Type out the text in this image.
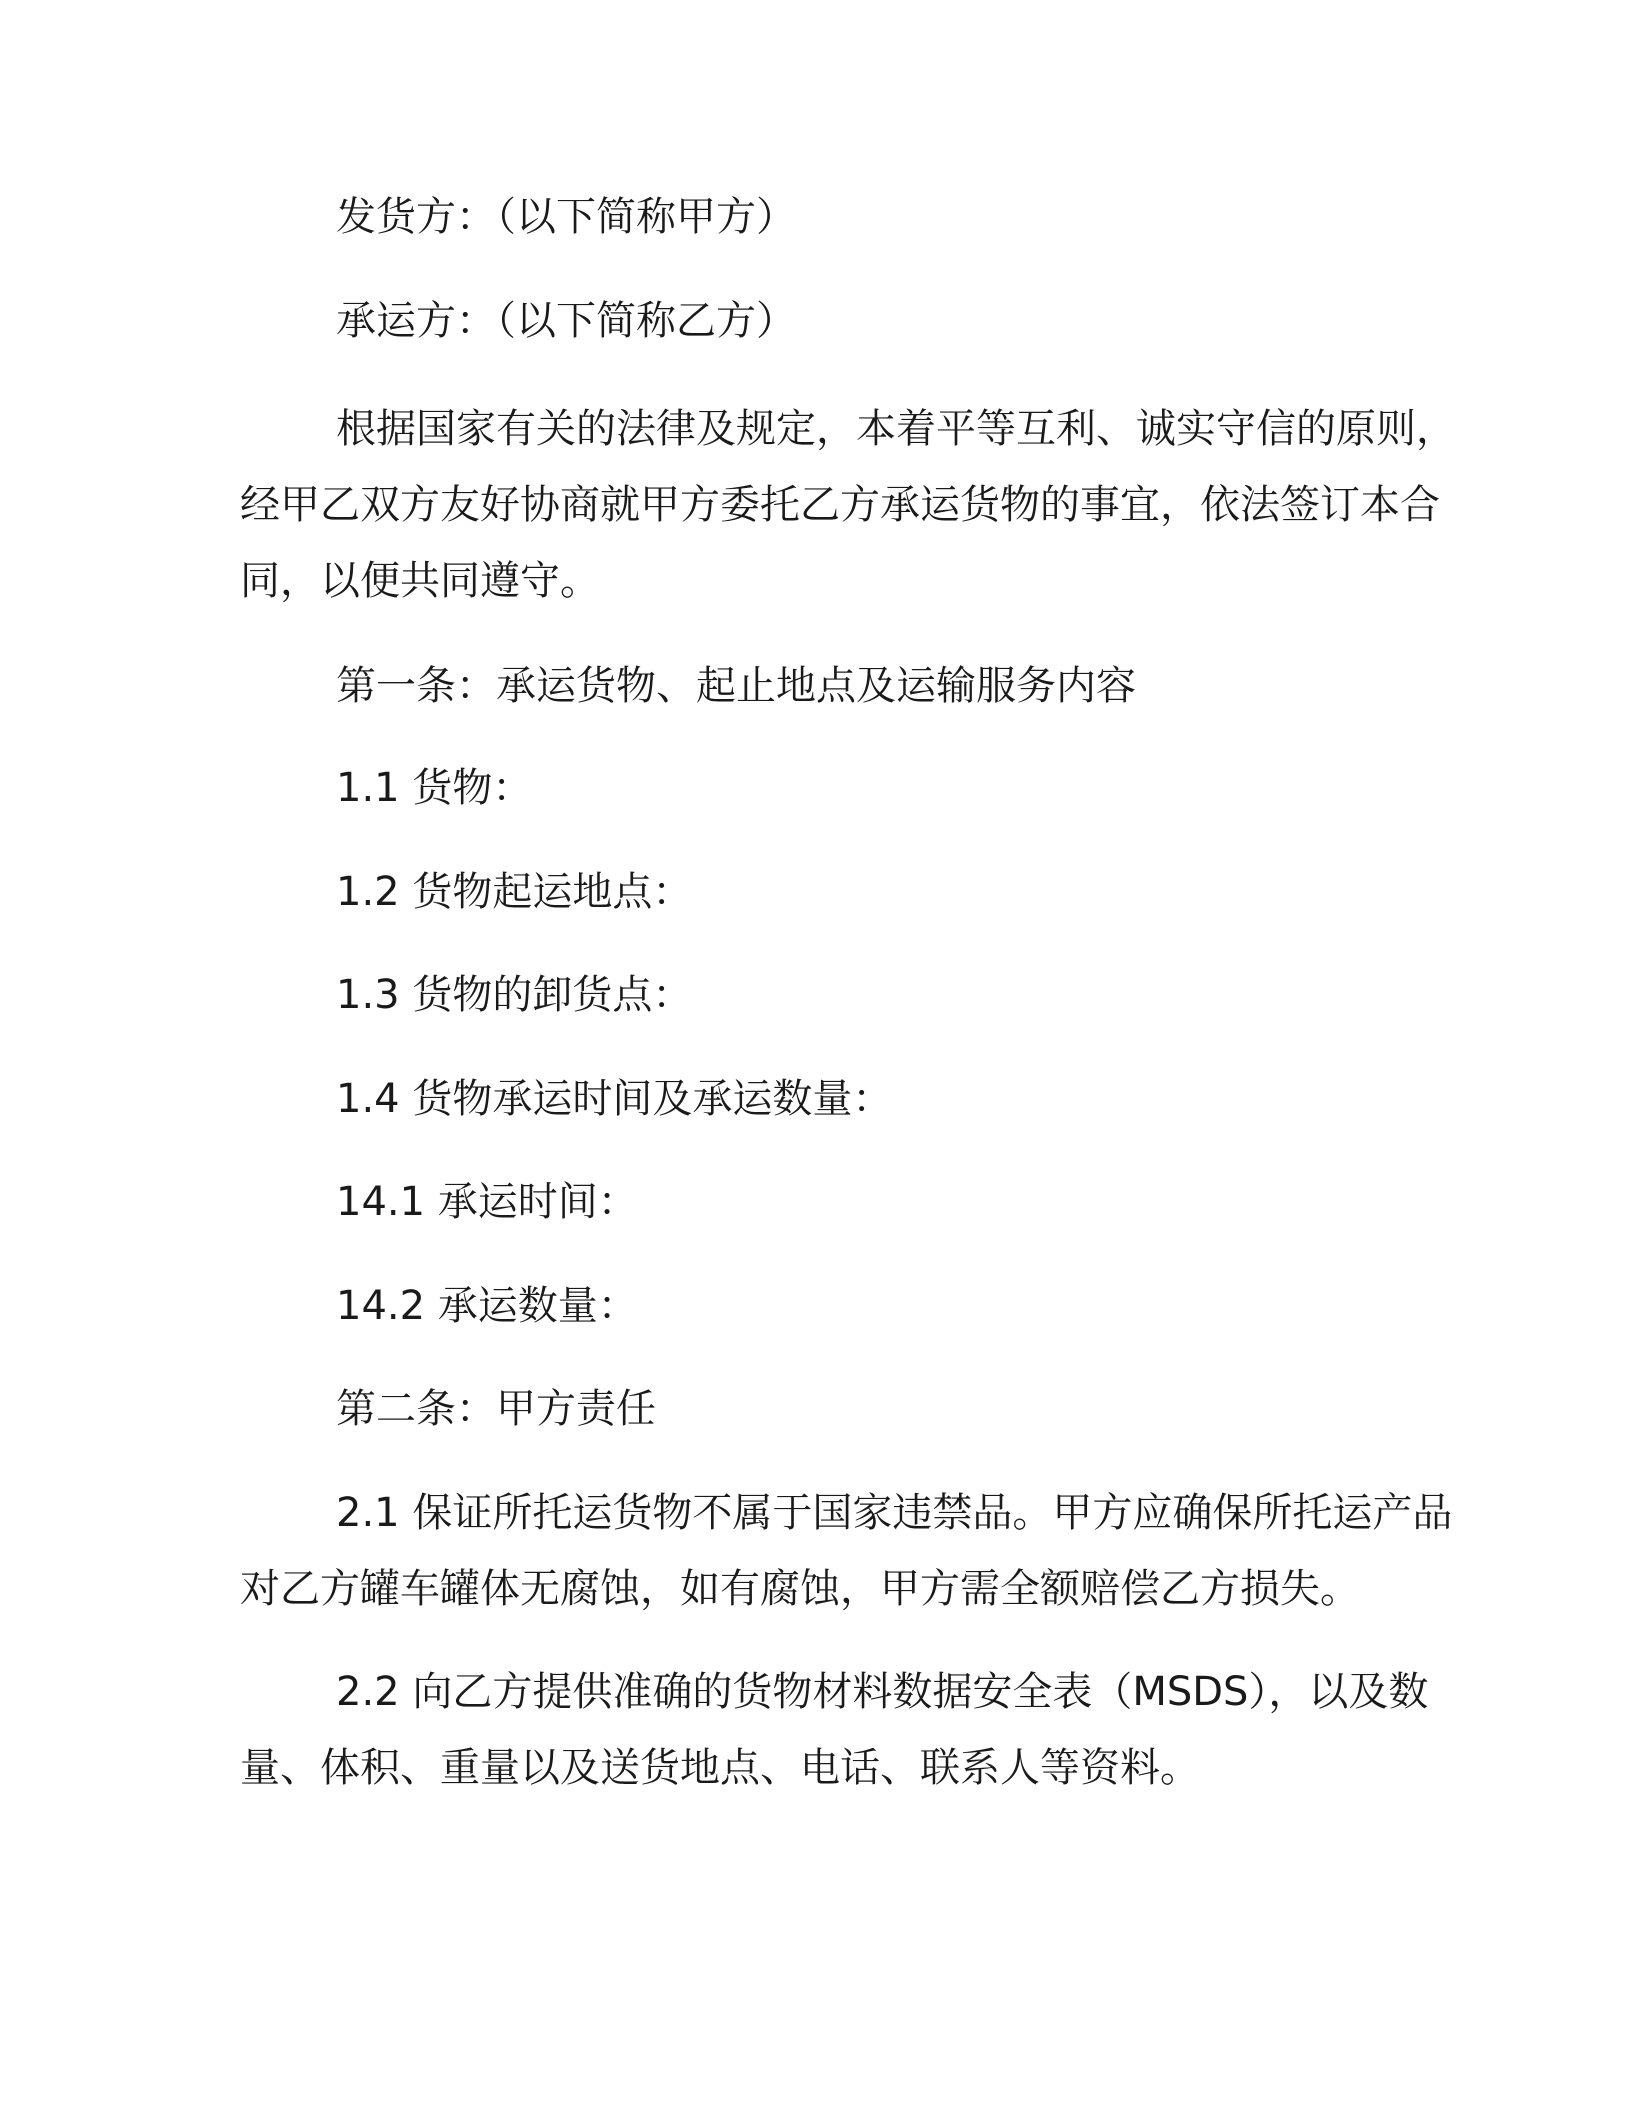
发货方：（以下简称甲方）
承运方：（以下简称乙方）
根据国家有关的法律及规定，本着平等互利、诚实守信的原则，
经甲乙双方友好协商就甲方委托乙方承运货物的事宜，依法签订本合
同，以便共同遵守。
第一条：承运货物、起止地点及运输服务内容
1.1 货物：
1.2 货物起运地点：
1.3 货物的卸货点：
1.4 货物承运时间及承运数量：
14.1 承运时间：
14.2 承运数量：
第二条：甲方责任
2.1 保证所托运货物不属于国家违禁品。甲方应确保所托运产品
对乙方罐车罐体无腐蚀，如有腐蚀，甲方需全额赔偿乙方损失。
2.2 向乙方提供准确的货物材料数据安全表（MSDS），以及数
量、体积、重量以及送货地点、电话、联系人等资料。
